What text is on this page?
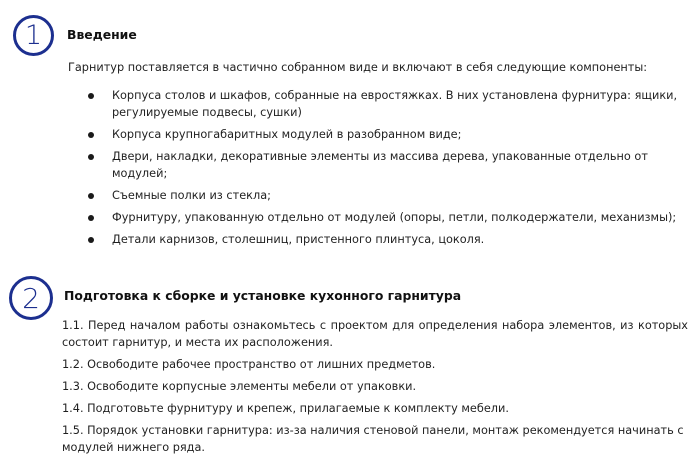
1 Введение
Гарнитур поставляется в частично собранном виде и включают в себя следующие компоненты:
Корпуса столов и шкафов, собранные на евростяжках. В них установлена фурнитура: ящики, регулируемые подвесы, сушки)
Корпуса крупногабаритных модулей в разобранном виде;
Двери, накладки, декоративные элементы из массива дерева, упакованные отдельно от модулей;
Съемные полки из стекла;
Фурнитуру, упакованную отдельно от модулей (опоры, петли, полкодержатели, механизмы);
Детали карнизов, столешниц, пристенного плинтуса, цоколя.
2 Подготовка к сборке и установке кухонного гарнитура

1.1. Перед началом работы ознакомьтесь с проектом для определения набора элементов, из которых состоит гарнитур, и места их расположения.

1.2. Освободите рабочее пространство от лишних предметов.

1.3. Освободите корпусные элементы мебели от упаковки.

1.4. Подготовьте фурнитуру и крепеж, прилагаемые к комплекту мебели.

1.5. Порядок установки гарнитура: из-за наличия стеновой панели, монтаж рекомендуется начинать с модулей нижнего ряда.
